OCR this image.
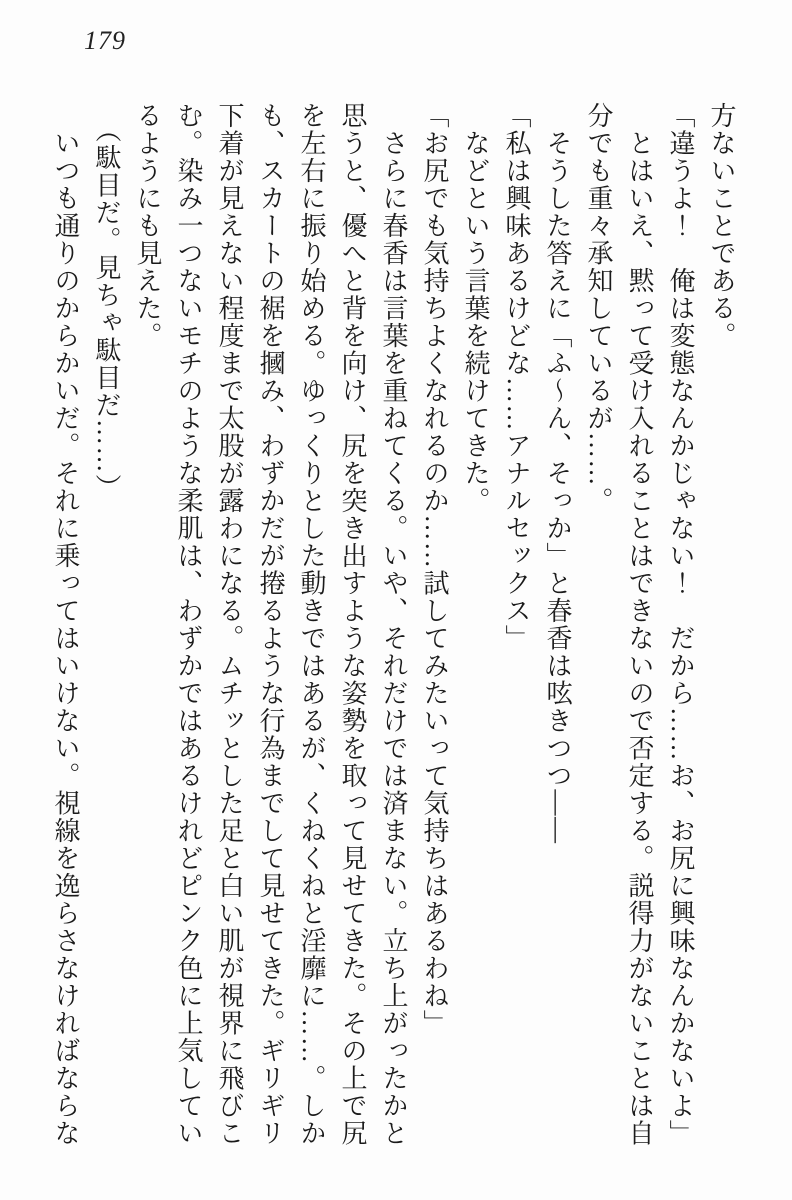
179
方ないことである。
「違うよ！　俺は変態なんかじゃない！　だから……お、お尻に興味なんかないよ」
　とはいえ、黙って受け入れることはできないので否定する。説得力がないことは自
分でも重々承知しているが……。
　そうした答えに「ふ～ん、そっか」と春香は呟きつつ――
「私は興味あるけどな……アナルセックス」
　などという言葉を続けてきた。
「お尻でも気持ちよくなれるのか……試してみたいって気持ちはあるわね」
　さらに春香は言葉を重ねてくる。いや、それだけでは済まない。立ち上がったかと
思うと、優へと背を向け、尻を突き出すような姿勢を取って見せてきた。その上で尻
を左右に振り始める。ゆっくりとした動きではあるが、くねくねと淫靡に……。しか
も、スカートの裾を摑み、わずかだが捲るような行為までして見せてきた。ギリギリ
下着が見えない程度まで太股が露わになる。ムチッとした足と白い肌が視界に飛びこ
む。染み一つないモチのような柔肌は、わずかではあるけれどピンク色に上気してい
るようにも見えた。
　（駄目だ。見ちゃ駄目だ……）
　いつも通りのからかいだ。それに乗ってはいけない。視線を逸らさなければならな
